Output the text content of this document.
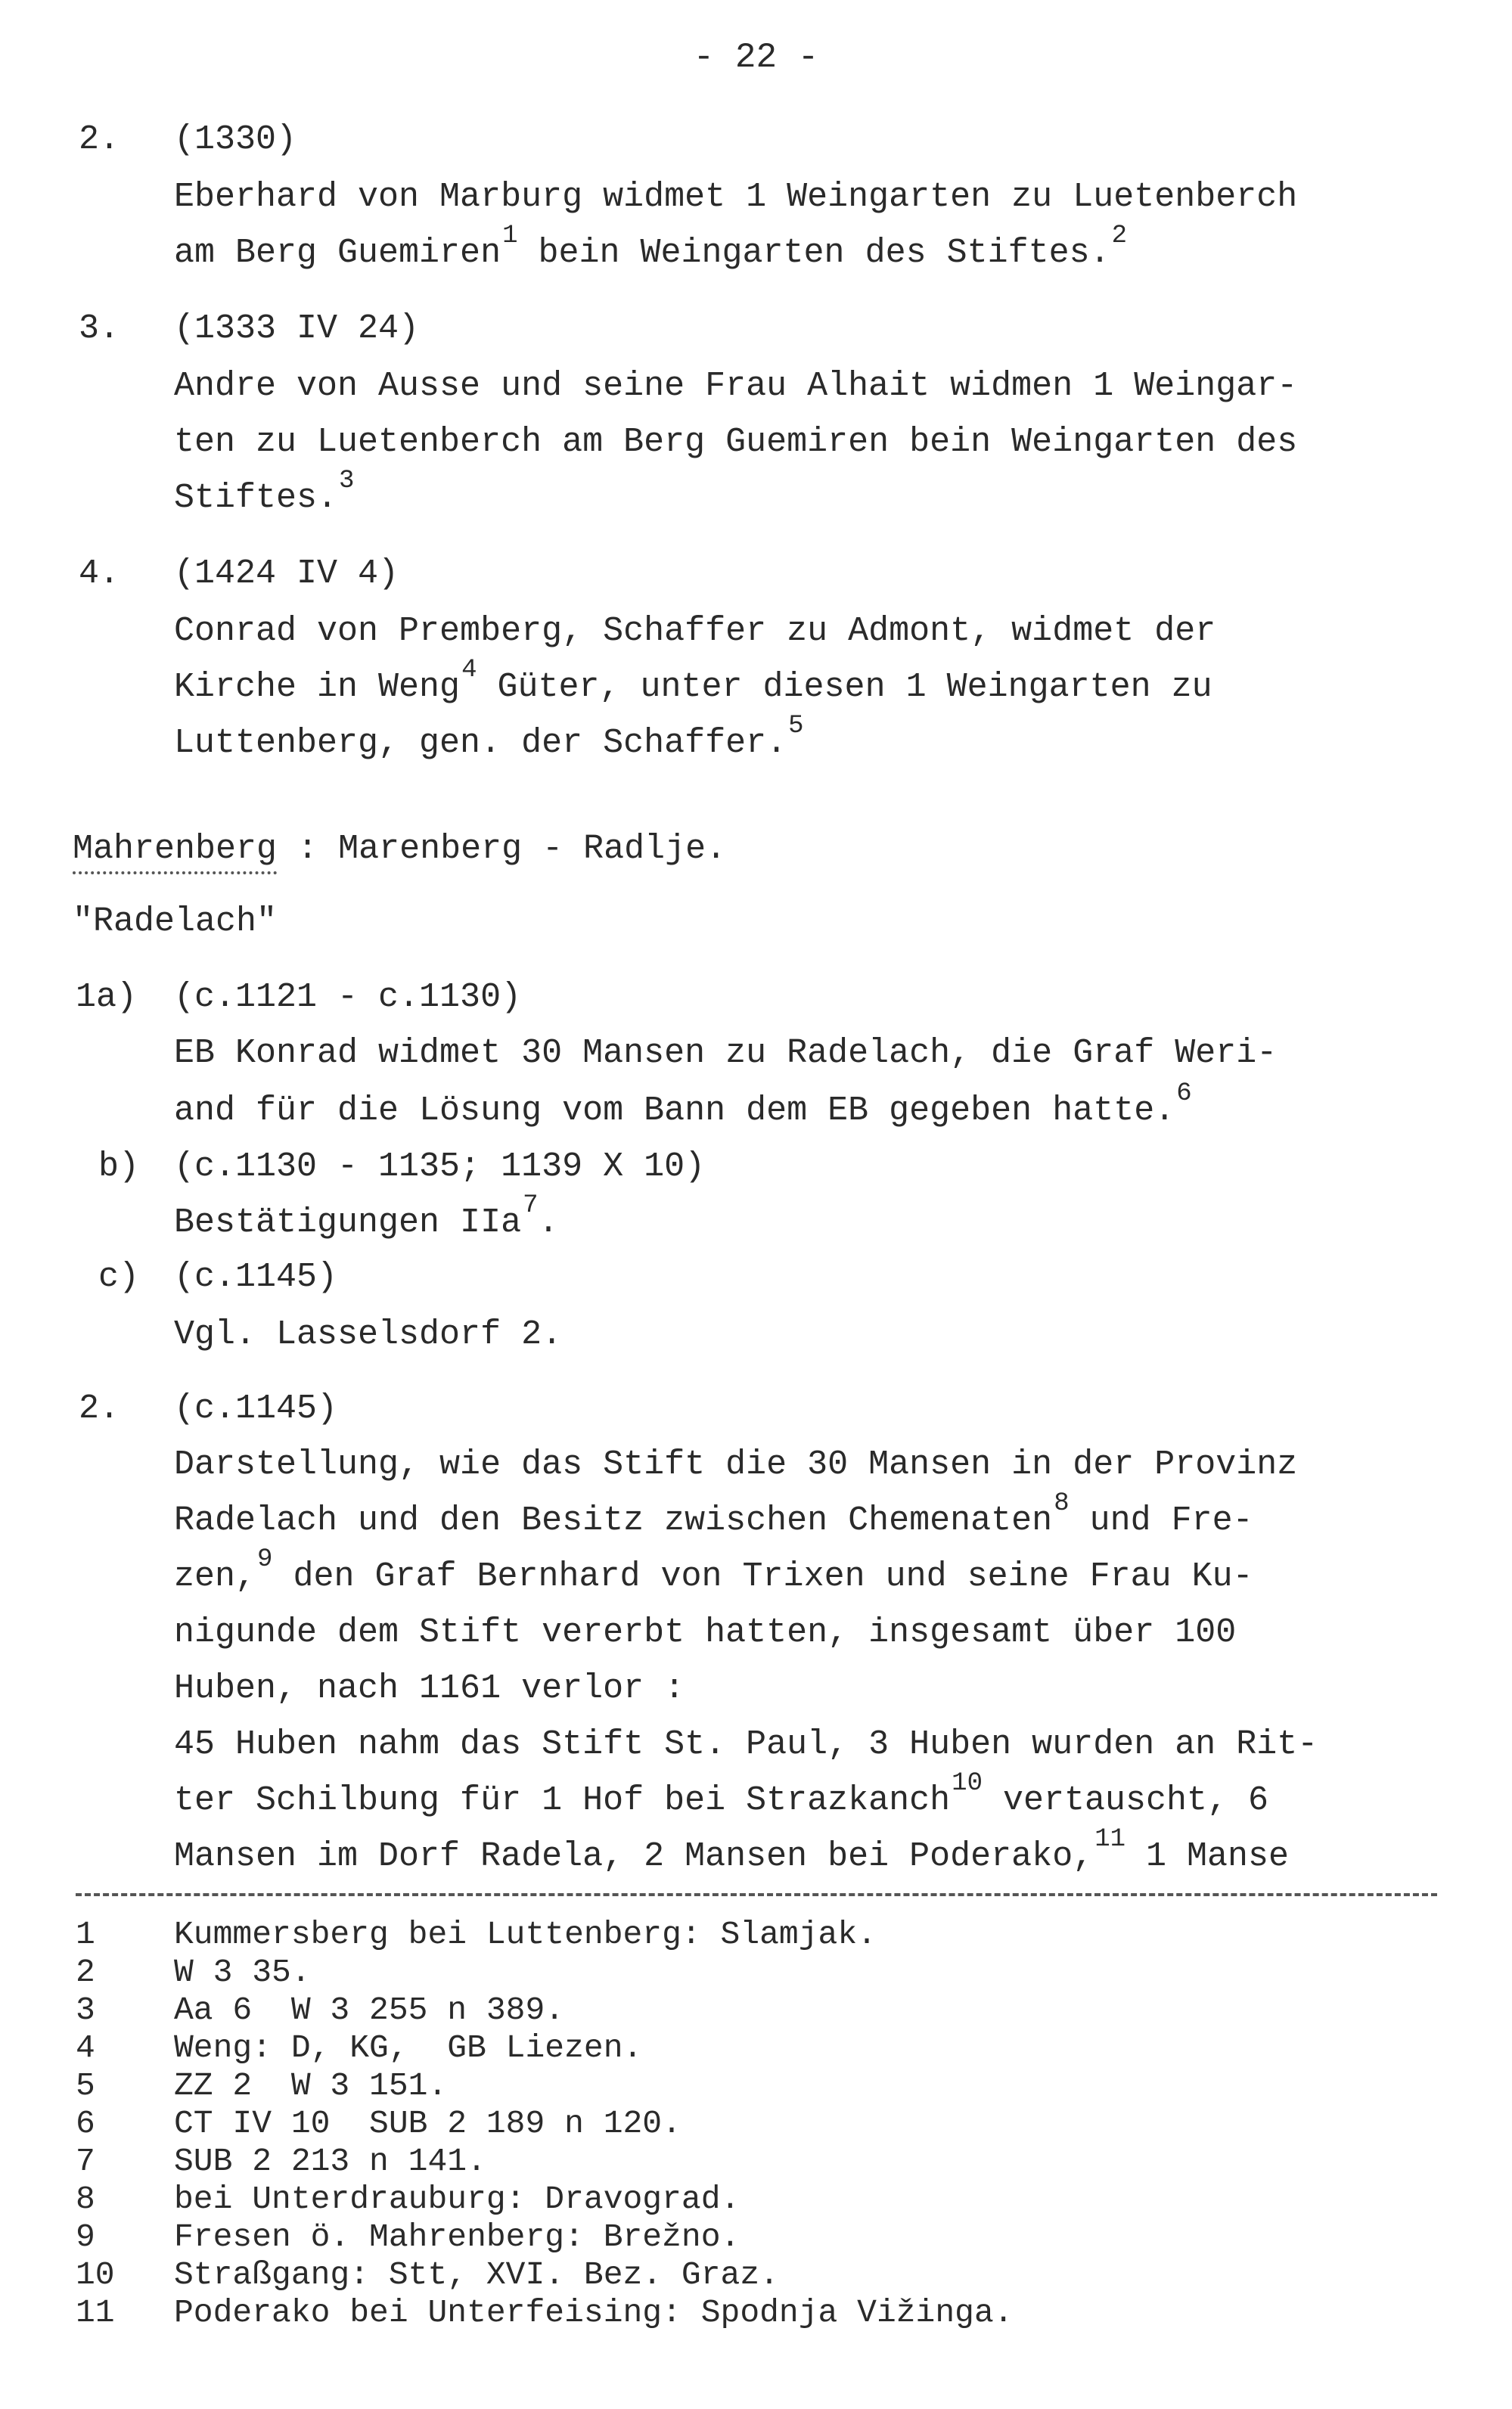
- 22 -
2. (1330)
Eberhard von Marburg widmet 1 Weingarten zu Luetenberch
am Berg Guemiren$^1$ bein Weingarten des Stiftes.$^2$
3. (1333 IV 24)
Andre von Ausse und seine Frau Alhait widmen 1 Weingar-
ten zu Luetenberch am Berg Guemiren bein Weingarten des
Stiftes.$^3$
4. (1424 IV 4)
Conrad von Premberg, Schaffer zu Admont, widmet der
Kirche in Weng$^4$ Güter, unter diesen 1 Weingarten zu
Luttenberg, gen. der Schaffer.$^5$
Mahrenberg : Marenberg - Radlje.
"Radelach"
1a) (c.1121 - c.1130)
EB Konrad widmet 30 Mansen zu Radelach, die Graf Weri-
and für die Lösung vom Bann dem EB gegeben hatte.$^6$
b) (c.1130 - 1135; 1139 X 10)
Bestätigungen IIa$^7$.
c) (c.1145)
Vgl. Lasselsdorf 2.
2. (c.1145)
Darstellung, wie das Stift die 30 Mansen in der Provinz
Radelach und den Besitz zwischen Chemenaten$^8$ und Fre-
zen,$^9$ den Graf Bernhard von Trixen und seine Frau Ku-
nigunde dem Stift vererbt hatten, insgesamt über 100
Huben, nach 1161 verlor :
45 Huben nahm das Stift St. Paul, 3 Huben wurden an Rit-
ter Schilbung für 1 Hof bei Strazkanch$^{10}$ vertauscht, 6
Mansen im Dorf Radela, 2 Mansen bei Poderako,$^{11}$ 1 Manse
1 Kummersberg bei Luttenberg: Slamjak.
2 W 3 35.
3 Aa 6  W 3 255 n 389.
4 Weng: D, KG,  GB Liezen.
5 ZZ 2  W 3 151.
6 CT IV 10  SUB 2 189 n 120.
7 SUB 2 213 n 141.
8 bei Unterdrauburg: Dravograd.
9 Fresen ö. Mahrenberg: Brežno.
10 Straßgang: Stt, XVI. Bez. Graz.
11 Poderako bei Unterfeising: Spodnja Vižinga.
